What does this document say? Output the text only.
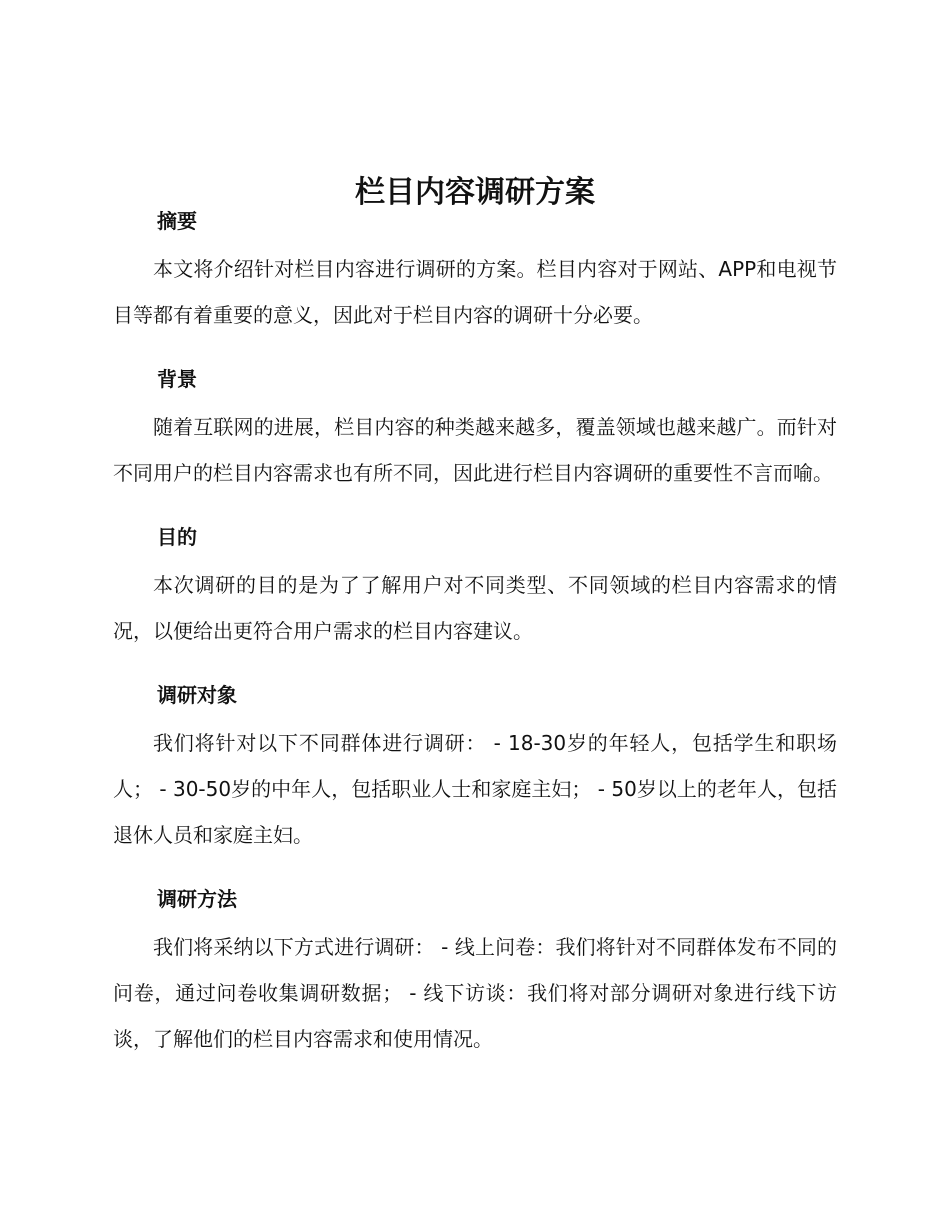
栏目内容调研方案
摘要

本文将介绍针对栏目内容进行调研的方案。栏目内容对于网站、APP和电视节目等都有着重要的意义，因此对于栏目内容的调研十分必要。

背景

随着互联网的进展，栏目内容的种类越来越多，覆盖领域也越来越广。而针对不同用户的栏目内容需求也有所不同，因此进行栏目内容调研的重要性不言而喻。

目的

本次调研的目的是为了了解用户对不同类型、不同领域的栏目内容需求的情况，以便给出更符合用户需求的栏目内容建议。

调研对象

我们将针对以下不同群体进行调研： - 18-30岁的年轻人，包括学生和职场人； - 30-50岁的中年人，包括职业人士和家庭主妇； - 50岁以上的老年人，包括退休人员和家庭主妇。

调研方法

我们将采纳以下方式进行调研： - 线上问卷：我们将针对不同群体发布不同的问卷，通过问卷收集调研数据； - 线下访谈：我们将对部分调研对象进行线下访谈，了解他们的栏目内容需求和使用情况。
